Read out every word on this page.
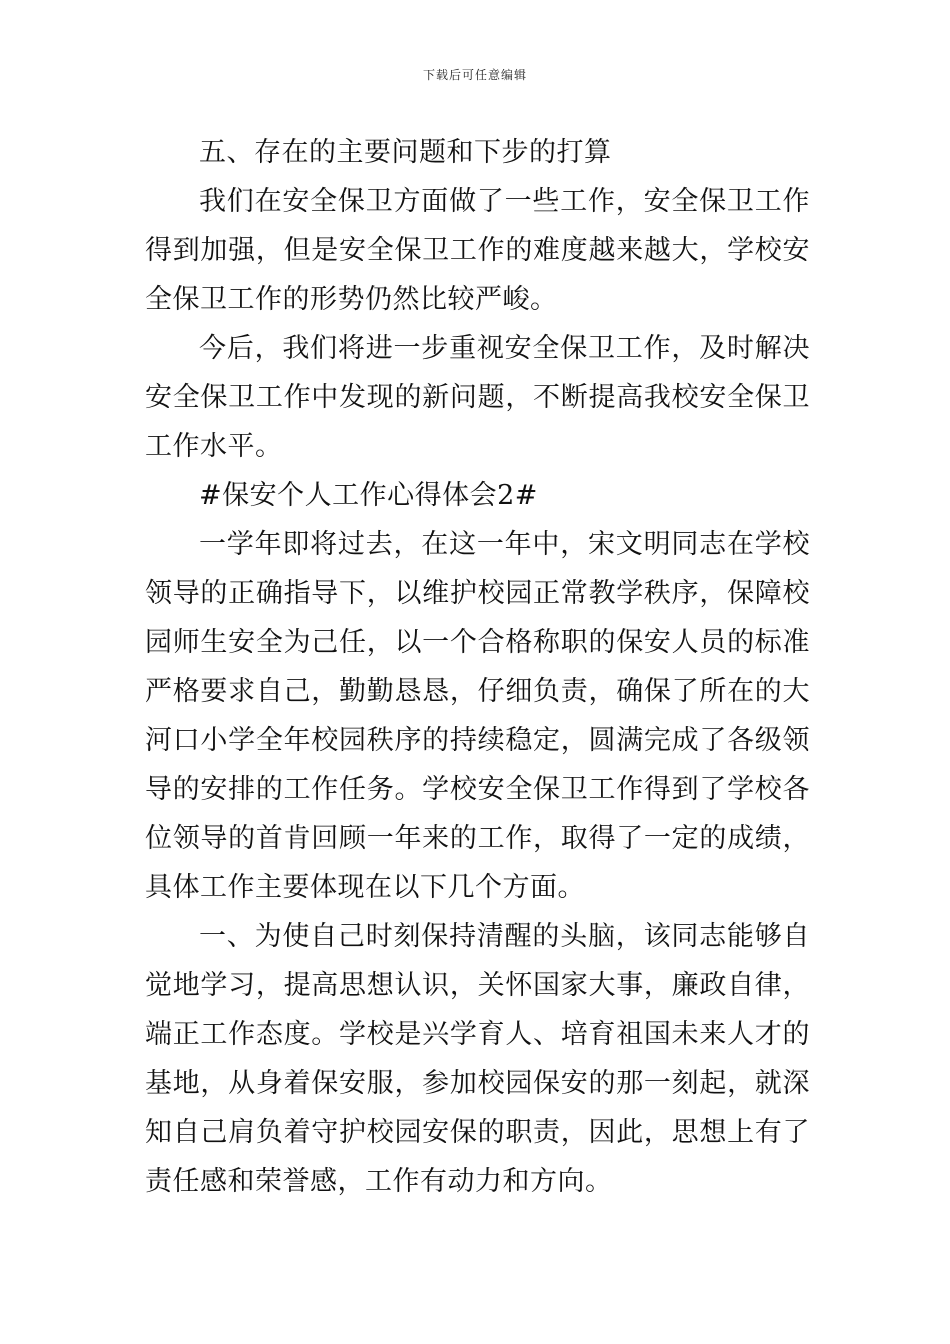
下载后可任意编辑

五、存在的主要问题和下步的打算

我们在安全保卫方面做了一些工作，安全保卫工作得到加强，但是安全保卫工作的难度越来越大，学校安全保卫工作的形势仍然比较严峻。

今后，我们将进一步重视安全保卫工作，及时解决安全保卫工作中发现的新问题，不断提高我校安全保卫工作水平。

#保安个人工作心得体会2#

一学年即将过去，在这一年中，宋文明同志在学校领导的正确指导下，以维护校园正常教学秩序，保障校园师生安全为己任，以一个合格称职的保安人员的标准严格要求自己，勤勤恳恳，仔细负责，确保了所在的大河口小学全年校园秩序的持续稳定，圆满完成了各级领导的安排的工作任务。学校安全保卫工作得到了学校各位领导的首肯回顾一年来的工作，取得了一定的成绩，具体工作主要体现在以下几个方面。

一、为使自己时刻保持清醒的头脑，该同志能够自觉地学习，提高思想认识，关怀国家大事，廉政自律，端正工作态度。学校是兴学育人、培育祖国未来人才的基地，从身着保安服，参加校园保安的那一刻起，就深知自己肩负着守护校园安保的职责，因此，思想上有了责任感和荣誉感，工作有动力和方向。
